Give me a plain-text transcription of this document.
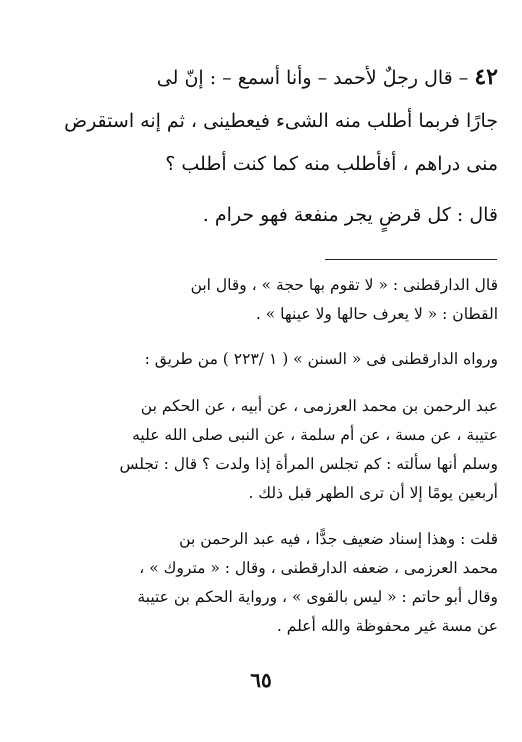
٤٢ – قال رجلٌ لأحمد – وأنا أسمع – : إنّ لى
جارًا فربما أطلب منه الشىء فيعطينى ، ثم إنه استقرض
منى دراهم ، أفأطلب منه كما كنت أطلب ؟
قال : كل قرضٍ يجر منفعة فهو حرام .
قال الدارقطنى : « لا تقوم بها حجة » ، وقال ابن
القطان : « لا يعرف حالها ولا عينها » .
ورواه الدارقطنى فى « السنن » ( ١ /٢٢٣ ) من طريق :
عبد الرحمن بن محمد العرزمى ، عن أبيه ، عن الحكم بن
عتيبة ، عن مسة ، عن أم سلمة ، عن النبى صلى الله عليه
وسلم أنها سألته : كم تجلس المرأة إذا ولدت ؟ قال : تجلس
أربعين يومًا إلا أن ترى الطهر قبل ذلك .
قلت : وهذا إسناد ضعيف جدًّا ، فيه عبد الرحمن بن
محمد العرزمى ، ضعفه الدارقطنى ، وقال : « متروك » ،
وقال أبو حاتم : « ليس بالقوى » ، ورواية الحكم بن عتيبة
عن مسة غير محفوظة والله أعلم .
٦٥
